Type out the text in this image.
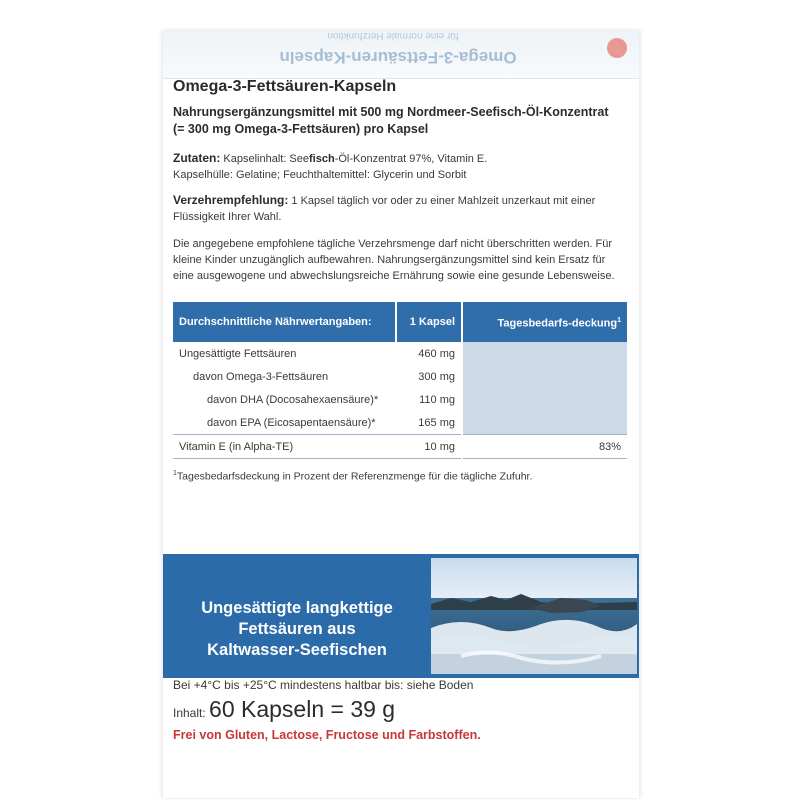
für eine normale Herzfunktion
Omega-3-Fettsäuren-Kapseln
Omega-3-Fettsäuren-Kapseln
Nahrungsergänzungsmittel mit 500 mg Nordmeer-Seefisch-Öl-Konzentrat (= 300 mg Omega-3-Fettsäuren) pro Kapsel
Zutaten: Kapselinhalt: Seefisch-Öl-Konzentrat 97%, Vitamin E.
Kapselhülle: Gelatine; Feuchthaltemittel: Glycerin und Sorbit
Verzehrempfehlung: 1 Kapsel täglich vor oder zu einer Mahlzeit unzerkaut mit einer Flüssigkeit Ihrer Wahl.
Die angegebene empfohlene tägliche Verzehrsmenge darf nicht überschritten werden. Für kleine Kinder unzugänglich aufbewahren. Nahrungsergänzungsmittel sind kein Ersatz für eine ausgewogene und abwechslungsreiche Ernährung sowie eine gesunde Lebensweise.
Durchschnittliche Nährwertangaben:	1 Kapsel	Tagesbedarfs-deckung$^1$
Ungesättigte Fettsäuren	460 mg	
davon Omega-3-Fettsäuren	300 mg	
davon DHA (Docosahexaensäure)*	110 mg	
davon EPA (Eicosapentaensäure)*	165 mg	
Vitamin E (in Alpha-TE)	10 mg	83%
$^1$Tagesbedarfsdeckung in Prozent der Referenzmenge für die tägliche Zufuhr.
Ungesättigte langkettige
Fettsäuren aus
Kaltwasser-Seefischen
Bei +4°C bis +25°C mindestens haltbar bis: siehe Boden
Inhalt: 60 Kapseln = 39 g
Frei von Gluten, Lactose, Fructose und Farbstoffen.
